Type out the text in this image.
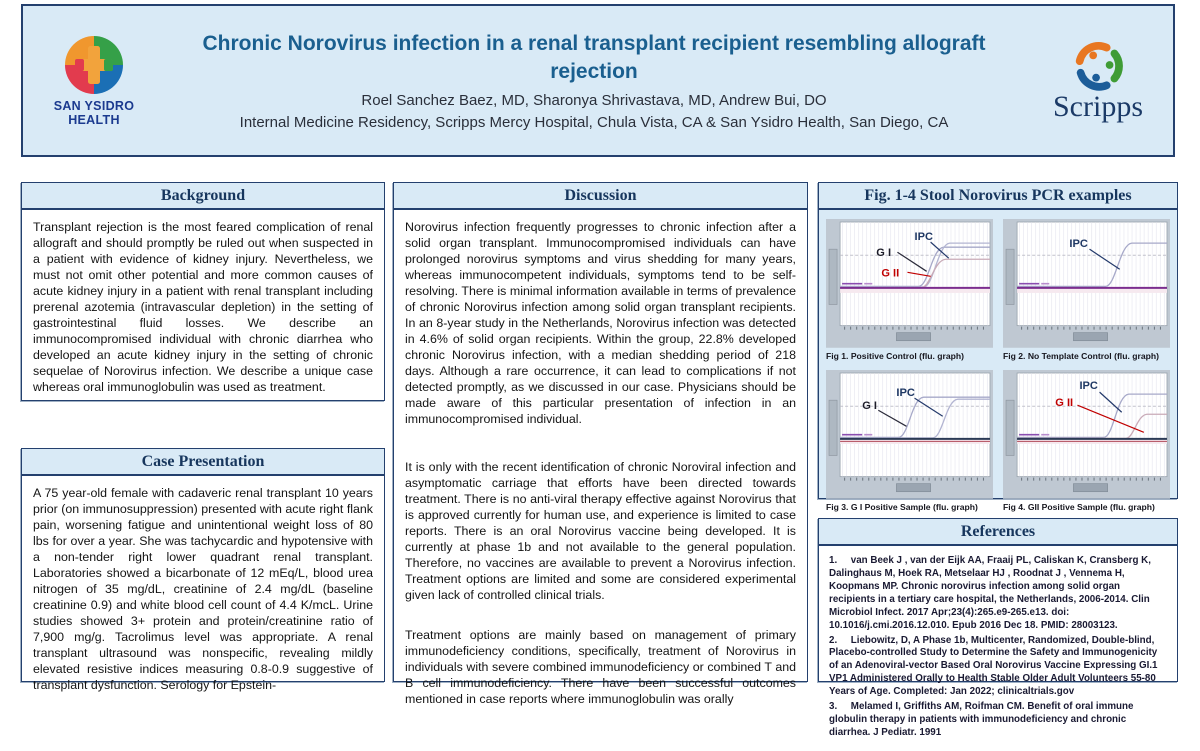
SAN YSIDRO
HEALTH
Chronic Norovirus infection in a renal transplant recipient resembling allograft rejection

Roel Sanchez Baez, MD, Sharonya Shrivastava, MD, Andrew Bui, DO

Internal Medicine Residency, Scripps Mercy Hospital, Chula Vista, CA & San Ysidro Health, San Diego, CA	Scripps
Background
Transplant rejection is the most feared complication of renal allograft and should promptly be ruled out when suspected in a patient with evidence of kidney injury. Nevertheless, we must not omit other potential and more common causes of acute kidney injury in a patient with renal transplant including prerenal azotemia (intravascular depletion) in the setting of gastrointestinal fluid losses. We describe an immunocompromised individual with chronic diarrhea who developed an acute kidney injury in the setting of chronic sequelae of Norovirus infection. We describe a unique case whereas oral immunoglobulin was used as treatment.
Case Presentation
A 75 year-old female with cadaveric renal transplant 10 years prior (on immunosuppression) presented with acute right flank pain, worsening fatigue and unintentional weight loss of 80 lbs for over a year. She was tachycardic and hypotensive with a non-tender right lower quadrant renal transplant. Laboratories showed a bicarbonate of 12 mEq/L, blood urea nitrogen of 35 mg/dL, creatinine of 2.4 mg/dL (baseline creatinine 0.9) and white blood cell count of 4.4 K/mcL. Urine studies showed 3+ protein and protein/creatinine ratio of 7,900 mg/g. Tacrolimus level was appropriate. A renal transplant ultrasound was nonspecific, revealing mildly elevated resistive indices measuring 0.8-0.9 suggestive of transplant dysfunction. Serology for Epstein-
Discussion

Norovirus infection frequently progresses to chronic infection after a solid organ transplant. Immunocompromised individuals can have prolonged norovirus symptoms and virus shedding for many years, whereas immunocompetent individuals, symptoms tend to be self-resolving. There is minimal information available in terms of prevalence of chronic Norovirus infection among solid organ transplant recipients. In an 8-year study in the Netherlands, Norovirus infection was detected in 4.6% of solid organ recipients. Within the group, 22.8% developed chronic Norovirus infection, with a median shedding period of 218 days. Although a rare occurrence, it can lead to complications if not detected promptly, as we discussed in our case. Physicians should be made aware of this particular presentation of infection in an immunocompromised individual.

It is only with the recent identification of chronic Noroviral infection and asymptomatic carriage that efforts have been directed towards treatment. There is no anti-viral therapy effective against Norovirus that is approved currently for human use, and experience is limited to case reports. There is an oral Norovirus vaccine being developed. It is currently at phase 1b and not available to the general population. Therefore, no vaccines are available to prevent a Norovirus infection. Treatment options are limited and some are considered experimental given lack of controlled clinical trials.

Treatment options are mainly based on management of primary immunodeficiency conditions, specifically, treatment of Norovirus in individuals with severe combined immunodeficiency or combined T and B cell immunodeficiency. There have been successful outcomes mentioned in case reports where immunoglobulin was orally

Fig. 1-4 Stool Norovirus PCR examples
G I
IPC
G II
Fig 1. Positive Control (flu. graph)
IPC
Fig 2. No Template Control (flu. graph)
G I
IPC
Fig 3. G I Positive Sample (flu. graph)
IPC
G II
Fig 4. GII Positive Sample (flu. graph)
References

1.     van Beek J , van der Eijk AA, Fraaij PL, Caliskan K, Cransberg K, Dalinghaus M, Hoek RA, Metselaar HJ , Roodnat J , Vennema H, Koopmans MP. Chronic norovirus infection among solid organ recipients in a tertiary care hospital, the Netherlands, 2006-2014. Clin Microbiol Infect. 2017 Apr;23(4):265.e9-265.e13. doi: 10.1016/j.cmi.2016.12.010. Epub 2016 Dec 18. PMID: 28003123.

2.     Liebowitz, D, A Phase 1b, Multicenter, Randomized, Double-blind, Placebo-controlled Study to Determine the Safety and Immunogenicity of an Adenoviral-vector Based Oral Norovirus Vaccine Expressing GI.1 VP1 Administered Orally to Health Stable Older Adult Volunteers 55-80 Years of Age. Completed: Jan 2022; clinicaltrials.gov

3.     Melamed I, Griffiths AM, Roifman CM. Benefit of oral immune globulin therapy in patients with immunodeficiency and chronic diarrhea. J Pediatr. 1991
